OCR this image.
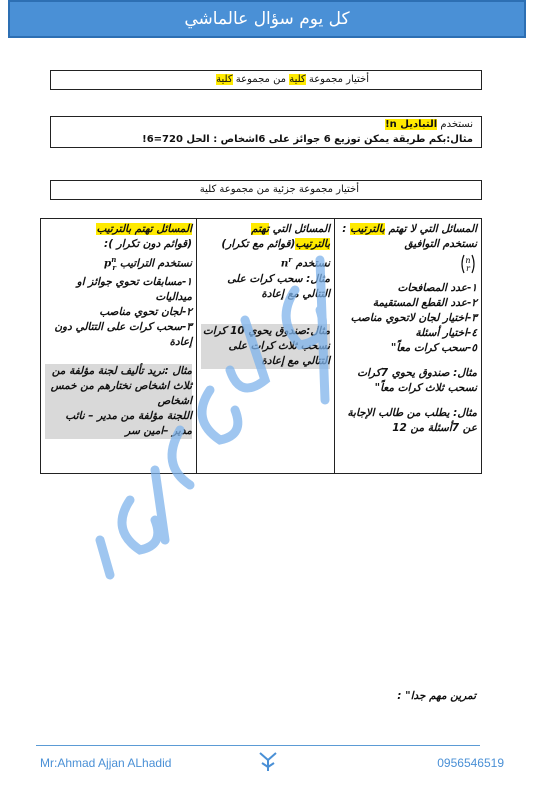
كل يوم سؤال عالماشي
أختيار مجموعة كلية من مجموعة كلية
نستخدم التباديل n!
مثال:بكم طريقة يمكن توزيع 6 جوائز على 6اشخاص : الحل 720=6!
أختيار مجموعة جزئية من مجموعة كلية
المسائل التي لا تهتم بالترتيب : نستخدم التوافيق
n
r
١-عدد المصافحات
٢-عدد القطع المستقيمة
٣-اختيار لجان لاتحوي مناصب
٤-اختيار أسئلة
٥-سحب كرات معاً"
مثال: صندوق يحوي 7كرات نسحب ثلاث كرات معاً"
مثال: يطلب من طالب الإجابة عن 7أسئلة من 12
المسائل التي تهتم بالترتيب(قوائم مع تكرار)
نستخدم $n^r$
مثال: سحب كرات على التتالي مع إعادة
مثال:صندوق يحوي 10 كرات نسحب ثلاث كرات على التتالي مع إعادة
المسائل تهتم بالترتيب
(قوائم دون تكرار ):
نستخدم التراتيب $p^n_r$
١-مسابقات تحوي جوائز او ميداليات
٢-لجان تحوي مناصب
٣-سحب كرات على التتالي دون إعادة
مثال :نريد تأليف لجنة مؤلفة من ثلاث اشخاص نختارهم من خمس اشخاص
اللجنة مؤلفة من مدير – نائب مدير –امين سر
تمرين مهم جدا" :
Mr:Ahmad Ajjan ALhadid	0956546519
